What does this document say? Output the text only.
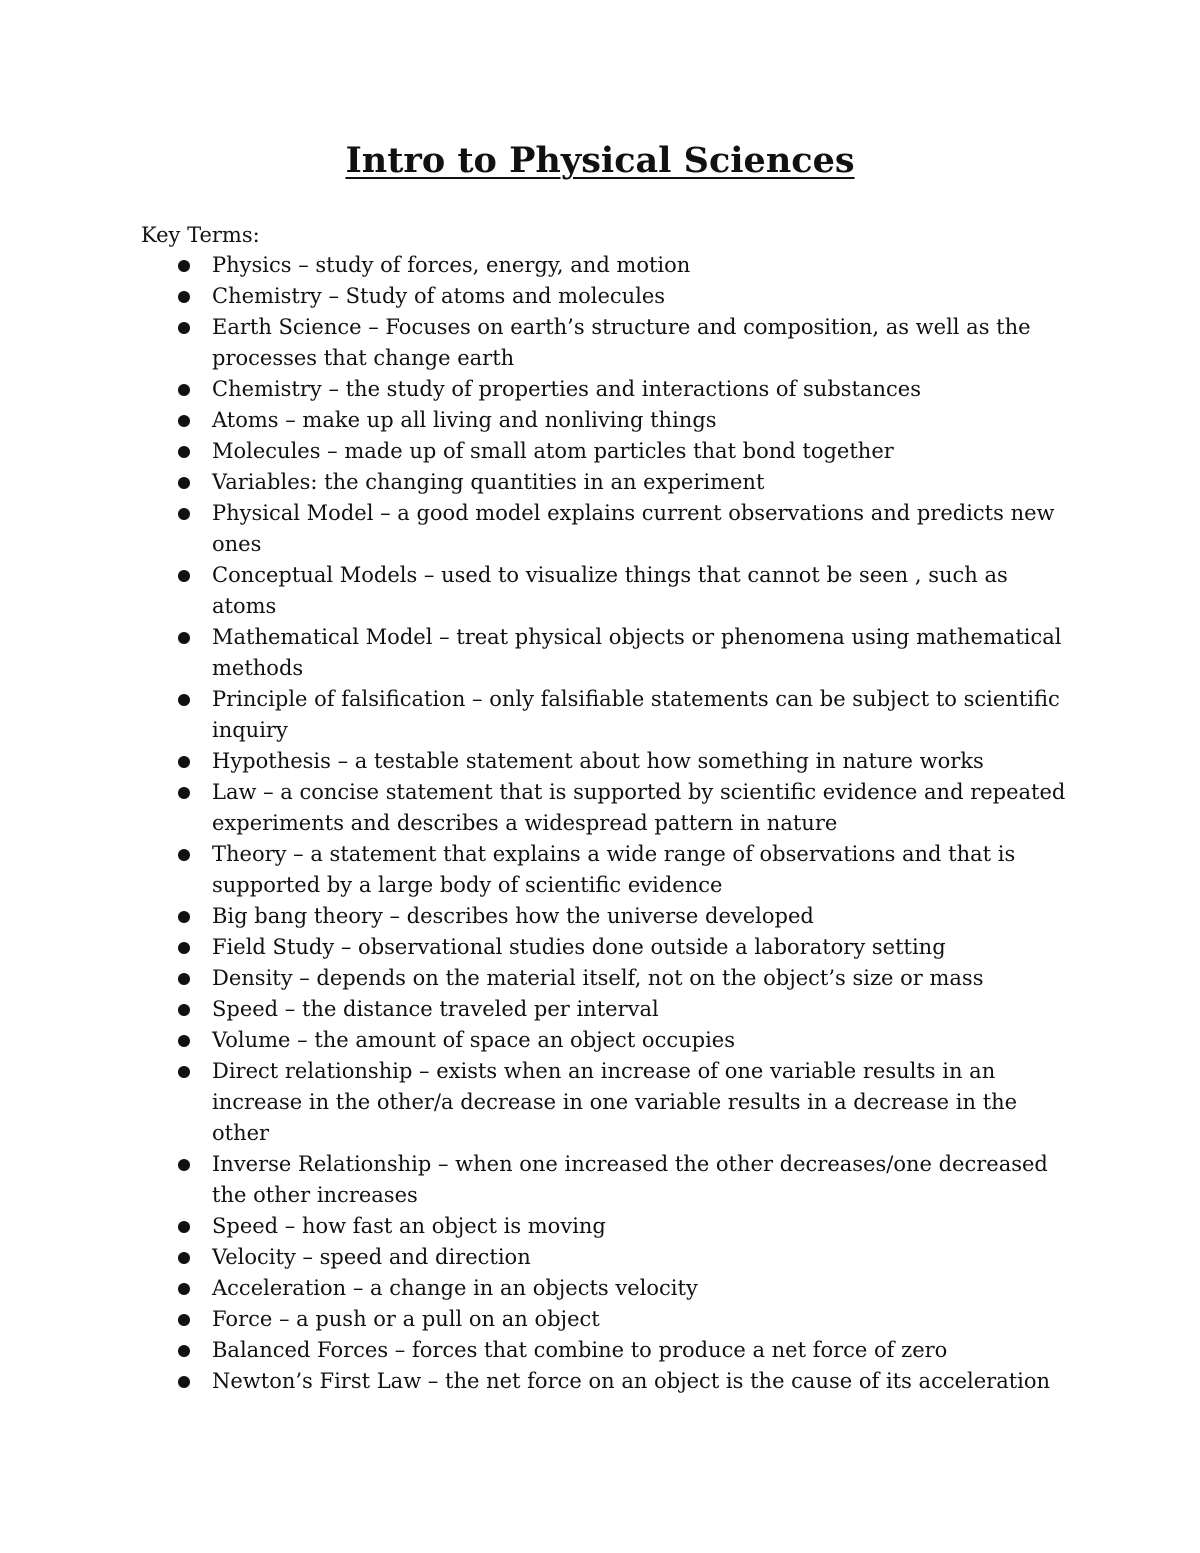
Intro to Physical Sciences

Key Terms:

Physics – study of forces, energy, and motion
Chemistry – Study of atoms and molecules
Earth Science – Focuses on earth’s structure and composition, as well as the processes that change earth
Chemistry – the study of properties and interactions of substances
Atoms – make up all living and nonliving things
Molecules – made up of small atom particles that bond together
Variables: the changing quantities in an experiment
Physical Model – a good model explains current observations and predicts new ones
Conceptual Models – used to visualize things that cannot be seen , such as atoms
Mathematical Model – treat physical objects or phenomena using mathematical methods
Principle of falsification – only falsifiable statements can be subject to scientific inquiry
Hypothesis – a testable statement about how something in nature works
Law – a concise statement that is supported by scientific evidence and repeated experiments and describes a widespread pattern in nature
Theory – a statement that explains a wide range of observations and that is supported by a large body of scientific evidence
Big bang theory – describes how the universe developed
Field Study – observational studies done outside a laboratory setting
Density – depends on the material itself, not on the object’s size or mass
Speed – the distance traveled per interval
Volume – the amount of space an object occupies
Direct relationship – exists when an increase of one variable results in an increase in the other/a decrease in one variable results in a decrease in the other
Inverse Relationship – when one increased the other decreases/one decreased the other increases
Speed – how fast an object is moving
Velocity – speed and direction
Acceleration – a change in an objects velocity
Force – a push or a pull on an object
Balanced Forces – forces that combine to produce a net force of zero
Newton’s First Law – the net force on an object is the cause of its acceleration
